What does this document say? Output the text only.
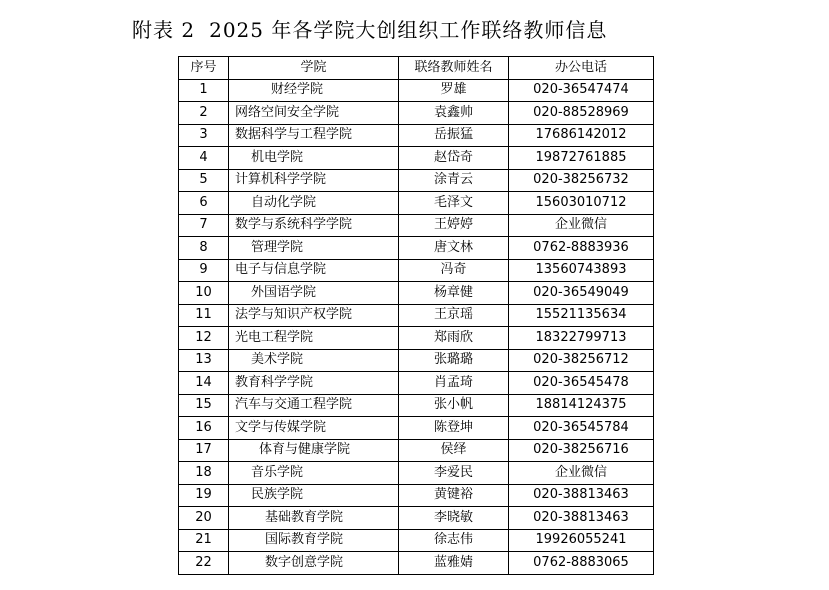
附表 2 2025 年各学院大创组织工作联络教师信息
序号	学院	联络教师姓名	办公电话
1	财经学院	罗雄	020-36547474
2	网络空间安全学院	袁鑫帅	020-88528969
3	数据科学与工程学院	岳振猛	17686142012
4	机电学院	赵岱奇	19872761885
5	计算机科学学院	涂青云	020-38256732
6	自动化学院	毛泽文	15603010712
7	数学与系统科学学院	王婷婷	企业微信
8	管理学院	唐文林	0762-8883936
9	电子与信息学院	冯奇	13560743893
10	外国语学院	杨章健	020-36549049
11	法学与知识产权学院	王京瑶	15521135634
12	光电工程学院	郑雨欣	18322799713
13	美术学院	张璐璐	020-38256712
14	教育科学学院	肖孟琦	020-36545478
15	汽车与交通工程学院	张小帆	18814124375
16	文学与传媒学院	陈登坤	020-36545784
17	体育与健康学院	侯绎	020-38256716
18	音乐学院	李爱民	企业微信
19	民族学院	黄键裕	020-38813463
20	基础教育学院	李晓敏	020-38813463
21	国际教育学院	徐志伟	19926055241
22	数字创意学院	蓝雅婧	0762-8883065
